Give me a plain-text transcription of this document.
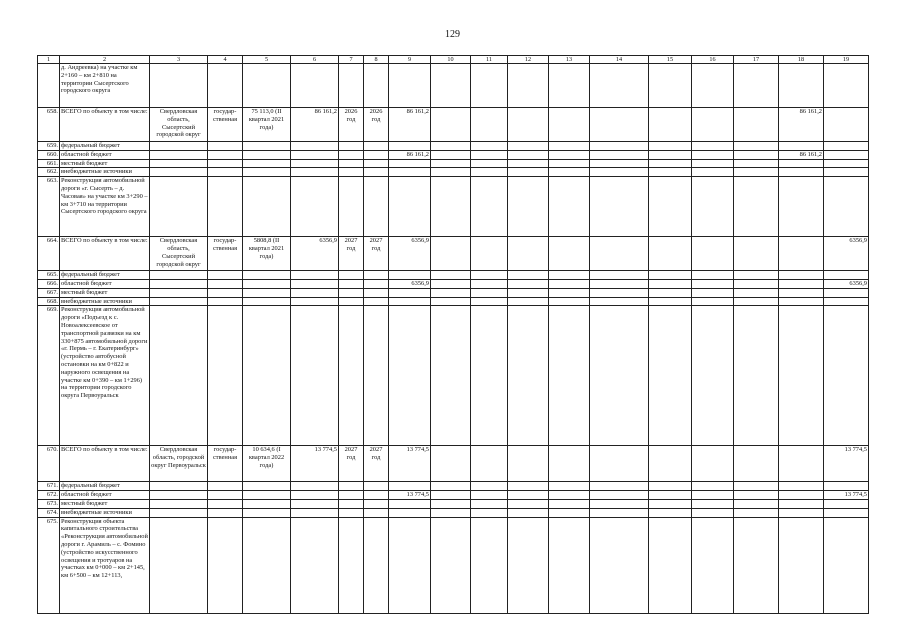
129
1	2	3	4	5	6	7	8	9	10	11	12	13	14	15	16	17	18	19
	д. Андреевка) на участке км 2+160 – км 2+810 на территории Сысертского городского округа																	
658.	ВСЕГО по объекту в том числе:	Свердловская область, Сысертский городской округ	государ- ственная	75 113,0 (II квартал 2021 года)	86 161,2	2026 год	2026 год	86 161,2									86 161,2	
659.	федеральный бюджет																	
660.	областной бюджет							86 161,2									86 161,2	
661.	местный бюджет																	
662.	внебюджетные источники																	
663.	Реконструкция автомобильной дороги «г. Сысерть – д. Часовая» на участке км 3+290 – км 3+710 на территории Сысертского городского округа																	
664.	ВСЕГО по объекту в том числе:	Свердловская область, Сысертский городской округ	государ- ственная	5808,8 (II квартал 2021 года)	6356,9	2027 год	2027 год	6356,9										6356,9
665.	федеральный бюджет																	
666.	областной бюджет							6356,9										6356,9
667.	местный бюджет																	
668.	внебюджетные источники																	
669.	Реконструкция автомобильной дороги «Подъезд к с. Новоалексеевское от транспортной развязки на км 330+875 автомобильной дороги «г. Пермь – г. Екатеринбург» (устройство автобусной остановки на км 0+822 и наружного освещения на участке км 0+390 – км 1+296) на территории городского округа Первоуральск																	
670.	ВСЕГО по объекту в том числе:	Свердловская область, городской округ Первоуральск	государ- ственная	10 634,6 (I квартал 2022 года)	13 774,5	2027 год	2027 год	13 774,5										13 774,5
671.	федеральный бюджет																	
672.	областной бюджет							13 774,5										13 774,5
673.	местный бюджет																	
674.	внебюджетные источники																	
675.	Реконструкция объекта капитального строительства «Реконструкция автомобильной дороги г. Арамиль – с. Фомино (устройство искусственного освещения и тротуаров на участках км 0+000 – км 2+145, км 6+500 – км 12+113,																	
